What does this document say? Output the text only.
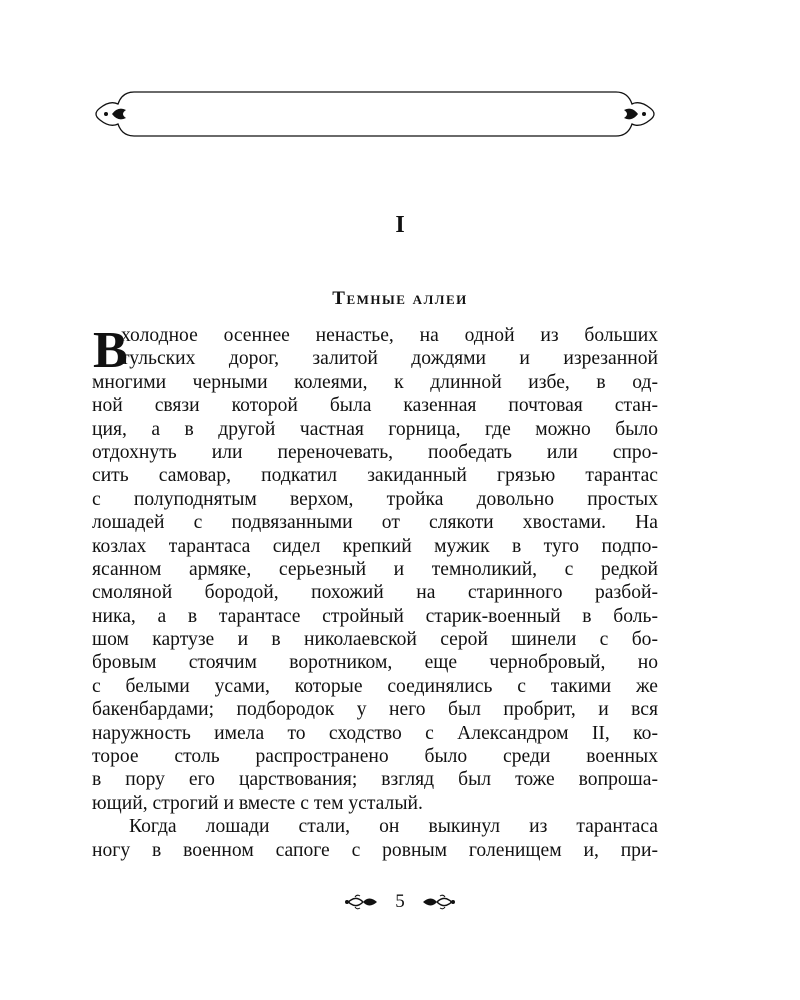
I
Темные аллеи
В
холодное осеннее ненастье, на одной из больших
тульских дорог, залитой дождями и изрезанной
многими черными колеями, к длинной избе, в од-
ной связи которой была казенная почтовая стан-
ция, а в другой частная горница, где можно было
отдохнуть или переночевать, пообедать или спро-
сить самовар, подкатил закиданный грязью тарантас
с полуподнятым верхом, тройка довольно простых
лошадей с подвязанными от слякоти хвостами. На
козлах тарантаса сидел крепкий мужик в туго подпо-
ясанном армяке, серьезный и темноликий, с редкой
смоляной бородой, похожий на старинного разбой-
ника, а в тарантасе стройный старик-военный в боль-
шом картузе и в николаевской серой шинели с бо-
бровым стоячим воротником, еще чернобровый, но
с белыми усами, которые соединялись с такими же
бакенбардами; подбородок у него был пробрит, и вся
наружность имела то сходство с Александром II, ко-
торое столь распространено было среди военных
в пору его царствования; взгляд был тоже вопроша-
ющий, строгий и вместе с тем усталый.
Когда лошади стали, он выкинул из тарантаса
ногу в военном сапоге с ровным голенищем и, при-
5
